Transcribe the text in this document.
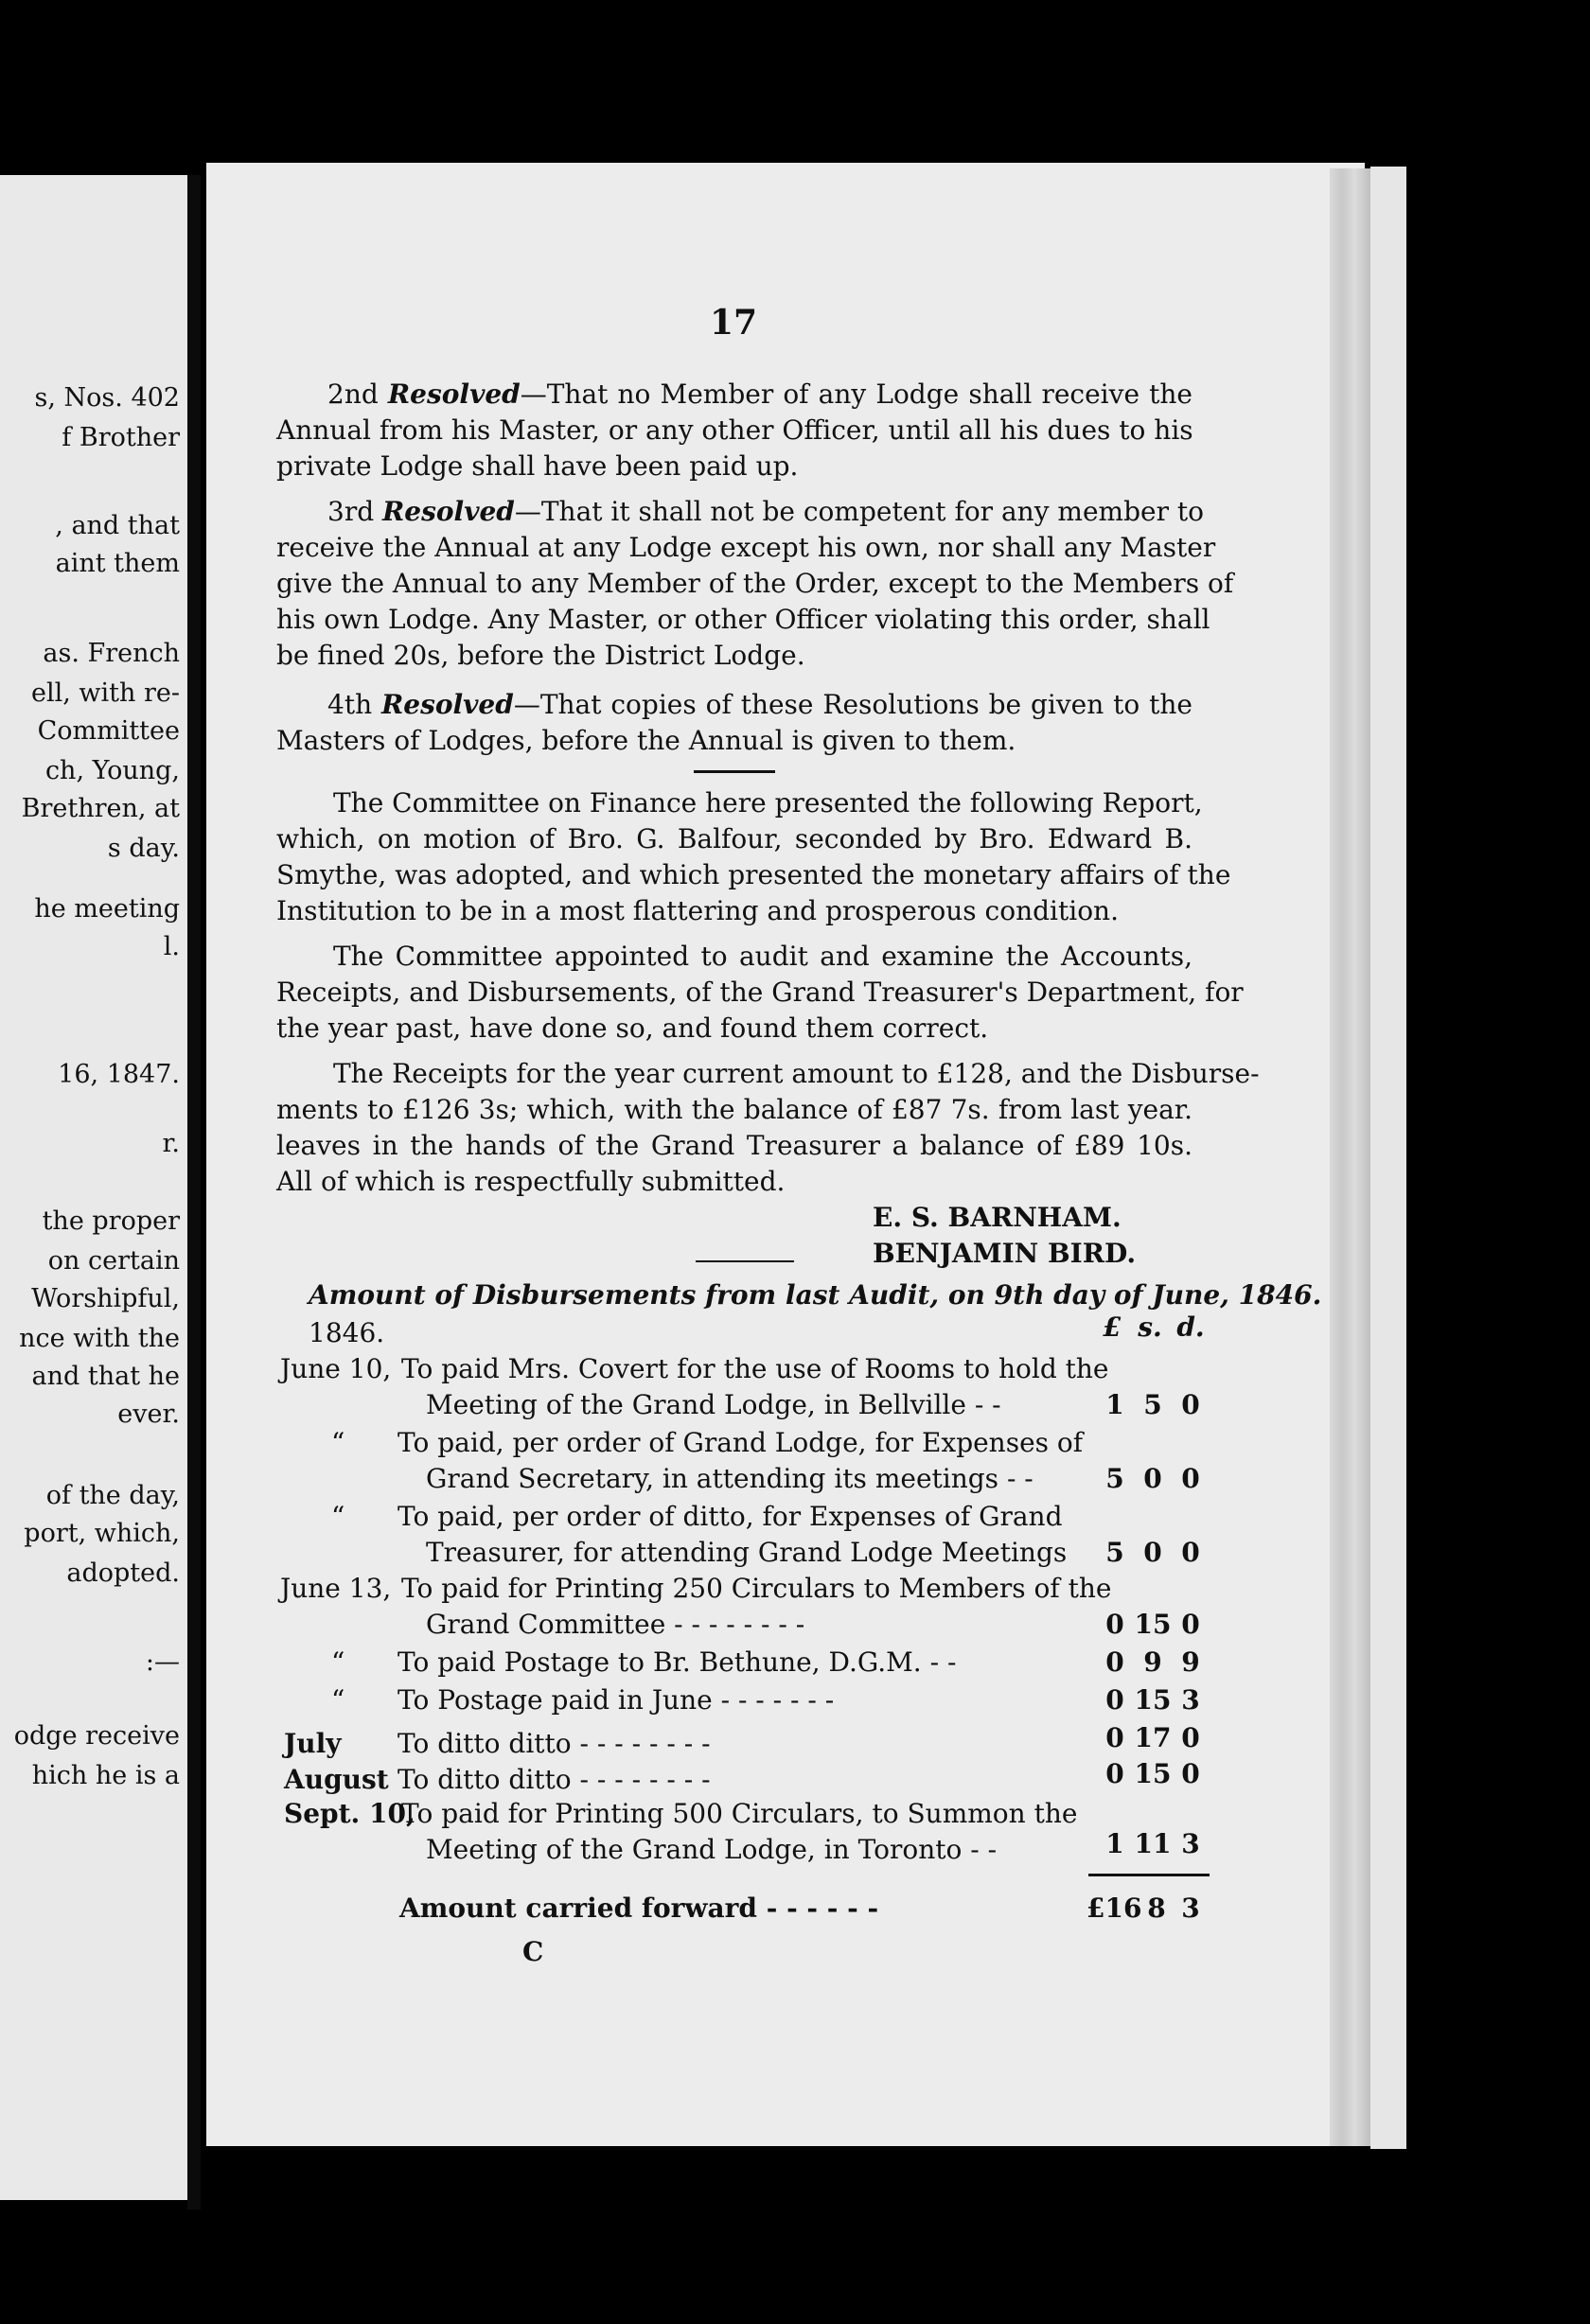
s, Nos. 402
f Brother
, and that
aint them
as. French
ell, with re-
Committee
ch, Young,
Brethren, at
s day.
he meeting
l.
16, 1847.
r.
the proper
on certain
Worshipful,
nce with the
and that he
ever.
of the day,
port, which,
adopted.
:—
odge receive
hich he is a
17
2nd Resolved—That no Member of any Lodge shall receive the
Annual from his Master, or any other Officer, until all his dues to his
private Lodge shall have been paid up.
3rd Resolved—That it shall not be competent for any member to
receive the Annual at any Lodge except his own, nor shall any Master
give the Annual to any Member of the Order, except to the Members of
his own Lodge. Any Master, or other Officer violating this order, shall
be fined 20s, before the District Lodge.
4th Resolved—That copies of these Resolutions be given to the
Masters of Lodges, before the Annual is given to them.
The Committee on Finance here presented the following Report,
which, on motion of Bro. G. Balfour, seconded by Bro. Edward B.
Smythe, was adopted, and which presented the monetary affairs of the
Institution to be in a most flattering and prosperous condition.
The Committee appointed to audit and examine the Accounts,
Receipts, and Disbursements, of the Grand Treasurer's Department, for
the year past, have done so, and found them correct.
The Receipts for the year current amount to £128, and the Disburse-
ments to £126 3s; which, with the balance of £87 7s. from last year.
leaves in the hands of the Grand Treasurer a balance of £89 10s.
All of which is respectfully submitted.
E. S. BARNHAM.
BENJAMIN BIRD.
Amount of Disbursements from last Audit, on 9th day of June, 1846.
1846.	£ s. d.
June 10, To paid Mrs. Covert for the use of Rooms to hold the
Meeting of the Grand Lodge, in Bellville - -	1 5 0
“ To paid, per order of Grand Lodge, for Expenses of
Grand Secretary, in attending its meetings - -	5 0 0
“ To paid, per order of ditto, for Expenses of Grand
Treasurer, for attending Grand Lodge Meetings	5 0 0
June 13, To paid for Printing 250 Circulars to Members of the
Grand Committee - - - - - - - -	0 15 0
“ To paid Postage to Br. Bethune, D.G.M. - -	0 9 9
“ To Postage paid in June - - - - - - -	0 15 3
July To ditto ditto - - - - - - - -	0 17 0
August To ditto ditto - - - - - - - -	0 15 0
Sept. 10,
To paid for Printing 500 Circulars, to Summon the
Meeting of the Grand Lodge, in Toronto - -	1 11 3
Amount carried forward - - - - - -	£16 8 3
C
